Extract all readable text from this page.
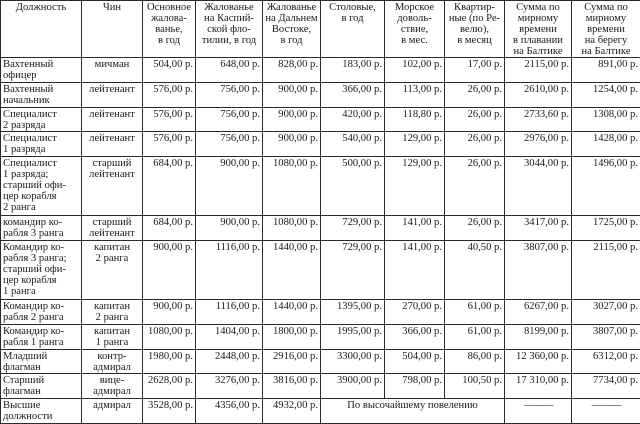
Должность	Чин	Основное
жалова-
ванье,
в год	Жалованье
на Каспий-
ской фло-
тилии, в год	Жалованье
на Дальнем
Востоке,
в год	Столовые,
в год	Морское
доволь-
ствие,
в мес.	Квартир-
ные (по Ре-
велю),
в месяц	Сумма по
мирному
времени
в плавании
на Балтике	Сумма по
мирному
времени
на берегу
на Балтике
Вахтенный
офицер	мичман	504,00 р.	648,00 р.	828,00 р.	183,00 р.	102,00 р.	17,00 р.	2115,00 р.	891,00 р.
Вахтенный
начальник	лейтенант	576,00 р.	756,00 р.	900,00 р.	366,00 р.	113,00 р.	26,00 р.	2610,00 р.	1254,00 р.
Специалист
2 разряда	лейтенант	576,00 р.	756,00 р.	900,00 р.	420,00 р.	118,80 р.	26,00 р.	2733,60 р.	1308,00 р.
Специалист
1 разряда	лейтенант	576,00 р.	756,00 р.	900,00 р.	540,00 р.	129,00 р.	26,00 р.	2976,00 р.	1428,00 р.
Специалист
1 разряда;
старший офи-
цер корабля
2 ранга	старший
лейтенант	684,00 р.	900,00 р.	1080,00 р.	500,00 р.	129,00 р.	26,00 р.	3044,00 р.	1496,00 р.
командир ко-
рабля 3 ранга	старший
лейтенант	684,00 р.	900,00 р.	1080,00 р.	729,00 р.	141,00 р.	26,00 р.	3417,00 р.	1725,00 р.
Командир ко-
рабля 3 ранга;
старший офи-
цер корабля
1 ранга	капитан
2 ранга	900,00 р.	1116,00 р.	1440,00 р.	729,00 р.	141,00 р.	40,50 р.	3807,00 р.	2115,00 р.
Командир ко-
рабля 2 ранга	капитан
2 ранга	900,00 р.	1116,00 р.	1440,00 р.	1395,00 р.	270,00 р.	61,00 р.	6267,00 р.	3027,00 р.
Командир ко-
рабля 1 ранга	капитан
1 ранга	1080,00 р.	1404,00 р.	1800,00 р.	1995,00 р.	366,00 р.	61,00 р.	8199,00 р.	3807,00 р.
Младший
флагман	контр-
адмирал	1980,00 р.	2448,00 р.	2916,00 р.	3300,00 р.	504,00 р.	86,00 р.	12 360,00 р.	6312,00 р.
Старший
флагман	вице-
адмирал	2628,00 р.	3276,00 р.	3816,00 р.	3900,00 р.	798,00 р.	100,50 р.	17 310,00 р.	7734,00 р.
Высшие
должности	адмирал	3528,00 р.	4356,00 р.	4932,00 р.	По высочайшему повелению			———	———
